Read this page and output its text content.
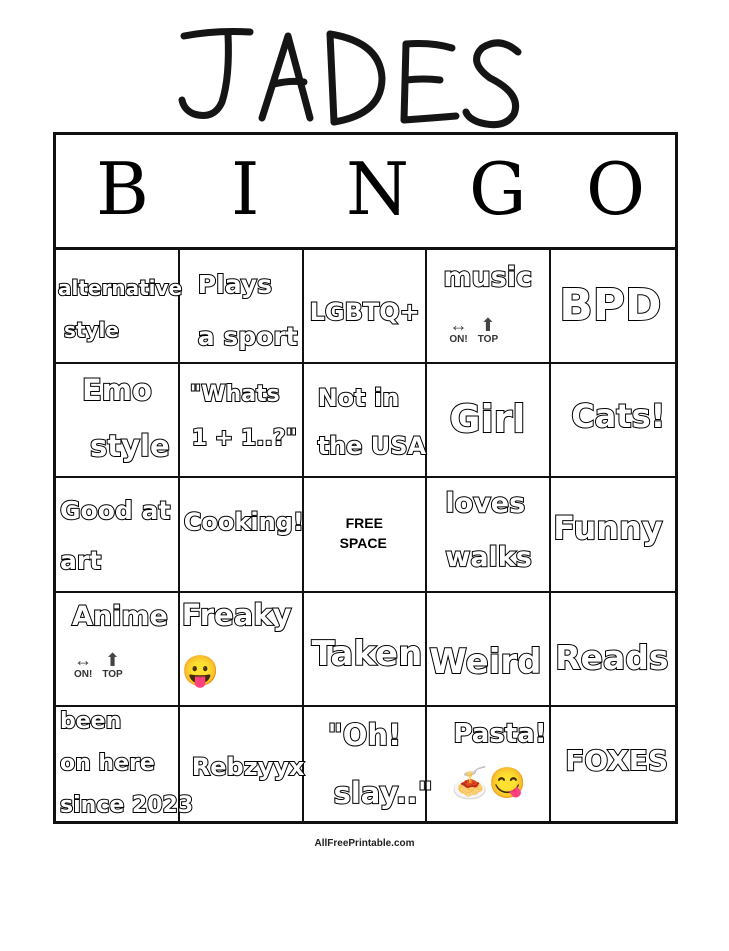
B I N G O
alternative
style
Plays
a sport
LGBTQ+
music
↔
ON!
⬆
TOP
BPD
Emo
style
"Whats
1 + 1..?"
Not in
the USA
Girl Cats!
Good at
art
Cooking!	FREE
SPACE
loves
walks
Funny
Anime
↔
ON!
⬆
TOP
Freaky
😛	Taken Weird Reads
been
on here
since 2023
Rebzyyx
"Oh!
slay.."
Pasta!
🍝😋
FOXES
AllFreePrintable.com
